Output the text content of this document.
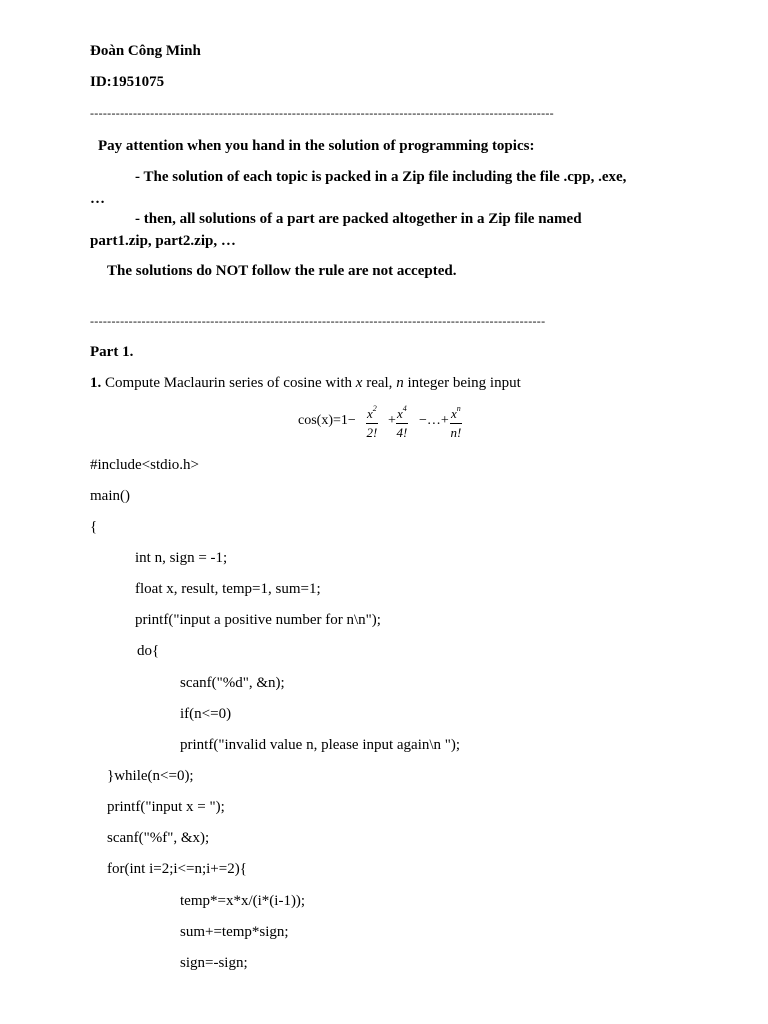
Đoàn Công Minh
ID:1951075
------------------------------------------------------------------------------------------------------------
Pay attention when you hand in the solution of programming topics:
- The solution of each topic is packed in a Zip file including the file .cpp, .exe,
…
- then, all solutions of a part are packed altogether in a Zip file named
part1.zip, part2.zip, …
The solutions do NOT follow the rule are not accepted.
----------------------------------------------------------------------------------------------------------
Part 1.
1. Compute Maclaurin series of cosine with x real, n integer being input
$\cos(x)=1- \frac{x^2}{2!} + \frac{x^4}{4!}$ −…+ $\frac{x^n}{n!}$
#include<stdio.h>
main()
{
int n, sign = -1;
float x, result, temp=1, sum=1;
printf("input a positive number for n\n");
do{
scanf("%d", &n);
if(n<=0)
printf("invalid value n, please input again\n ");
}while(n<=0);
printf("input x = ");
scanf("%f", &x);
for(int i=2;i<=n;i+=2){
temp*=x*x/(i*(i-1));
sum+=temp*sign;
sign=-sign;
